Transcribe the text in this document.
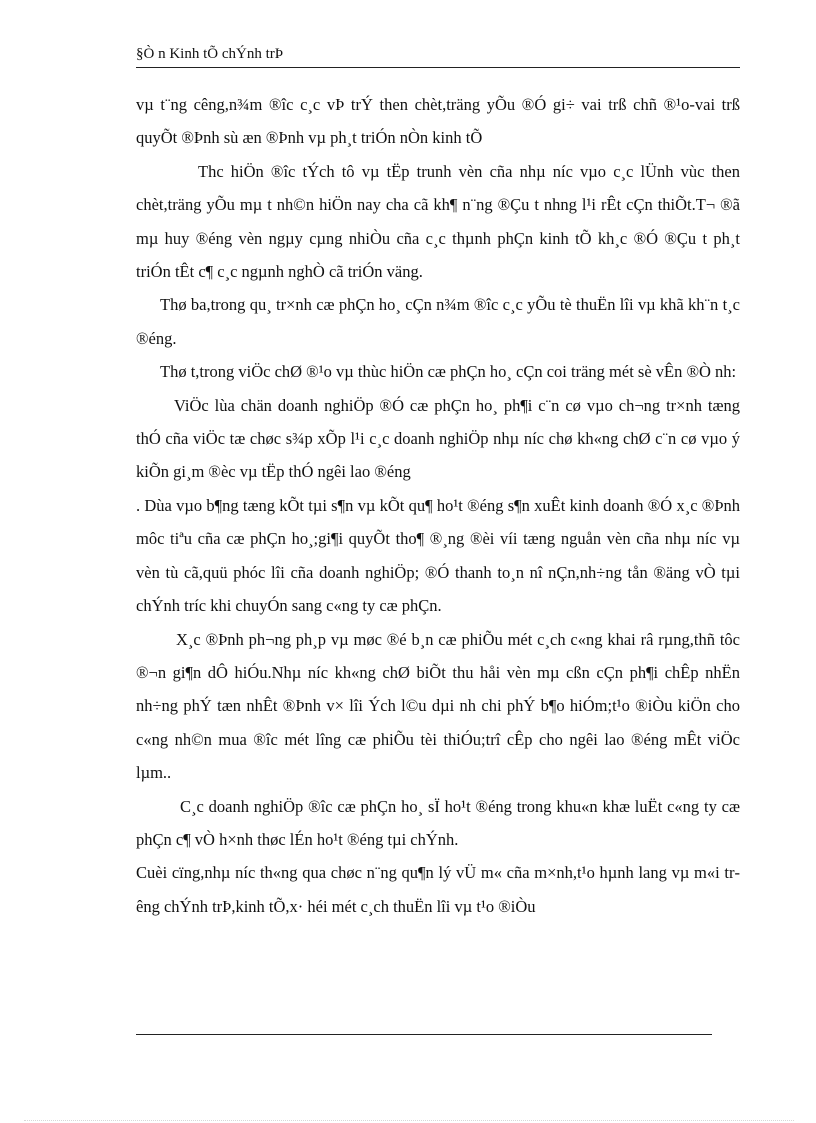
§Ò n Kinh tÕ chÝnh trÞ

vµ t¨ng cêng,n¾m ®îc c¸c vÞ trÝ then chèt,träng yÕu ®Ó gi÷ vai trß chñ ®¹o-vai trß quyÕt ®Þnh sù æn ®Þnh vµ ph¸t triÓn nÒn kinh tÕ

Thc hiÖn ®îc tÝch tô vµ tËp trunh vèn cña nhµ níc vµo c¸c lÜnh vùc then chèt,träng yÕu mµ t nh©n hiÖn nay cha cã kh¶ n¨ng ®Çu t nhng l¹i rÊt cÇn thiÕt.T¬ ®ã mµ huy ®éng vèn ngµy cµng nhiÒu cña c¸c thµnh phÇn kinh tÕ kh¸c ®Ó ®Çu t ph¸t triÓn tÊt c¶ c¸c ngµnh nghÒ cã triÓn väng.

Thø ba,trong qu¸ tr×nh cæ phÇn ho¸ cÇn n¾m ®îc c¸c yÕu tè thuËn lîi vµ khã kh¨n t¸c ®éng.

Thø t,trong viÖc chØ ®¹o vµ thùc hiÖn cæ phÇn ho¸ cÇn coi träng mét sè vÊn ®Ò nh:

ViÖc lùa chän doanh nghiÖp ®Ó cæ phÇn ho¸ ph¶i c¨n cø vµo ch¬ng tr×nh tæng thÓ cña viÖc tæ chøc s¾p xÕp l¹i c¸c doanh nghiÖp nhµ níc chø kh«ng chØ c¨n cø vµo ý kiÕn gi¸m ®èc vµ tËp thÓ ngêi lao ®éng

. Dùa vµo b¶ng tæng kÕt tµi s¶n vµ kÕt qu¶ ho¹t ®éng s¶n xuÊt kinh doanh ®Ó x¸c ®Þnh môc tiªu cña cæ phÇn ho¸;gi¶i quyÕt tho¶ ®¸ng ®èi víi tæng nguån vèn cña nhµ níc vµ vèn tù cã,quü phóc lîi cña doanh nghiÖp; ®Ó thanh to¸n nî nÇn,nh÷ng tån ®äng vÒ tµi chÝnh tríc khi chuyÓn sang c«ng ty cæ phÇn.

X¸c ®Þnh ph¬ng ph¸p vµ møc ®é b¸n cæ phiÕu mét c¸ch c«ng khai râ rµng,thñ tôc ®¬n gi¶n dÔ hiÓu.Nhµ níc kh«ng chØ biÕt thu håi vèn mµ cßn cÇn ph¶i chÊp nhËn nh÷ng phÝ tæn nhÊt ®Þnh v× lîi Ých l©u dµi nh chi phÝ b¶o hiÓm;t¹o ®iÒu kiÖn cho c«ng nh©n mua ®îc mét lîng cæ phiÕu tèi thiÓu;trî cÊp cho ngêi lao ®éng mÊt viÖc lµm..

C¸c doanh nghiÖp ®îc cæ phÇn ho¸ sÏ ho¹t ®éng trong khu«n khæ luËt c«ng ty cæ phÇn c¶ vÒ h×nh thøc lÉn ho¹t ®éng tµi chÝnh.

Cuèi cïng,nhµ níc th«ng qua chøc n¨ng qu¶n lý vÜ m« cña m×nh,t¹o hµnh lang vµ m«i trêng chÝnh trÞ,kinh tÕ,x· héi mét c¸ch thuËn lîi vµ t¹o ®iÒu
